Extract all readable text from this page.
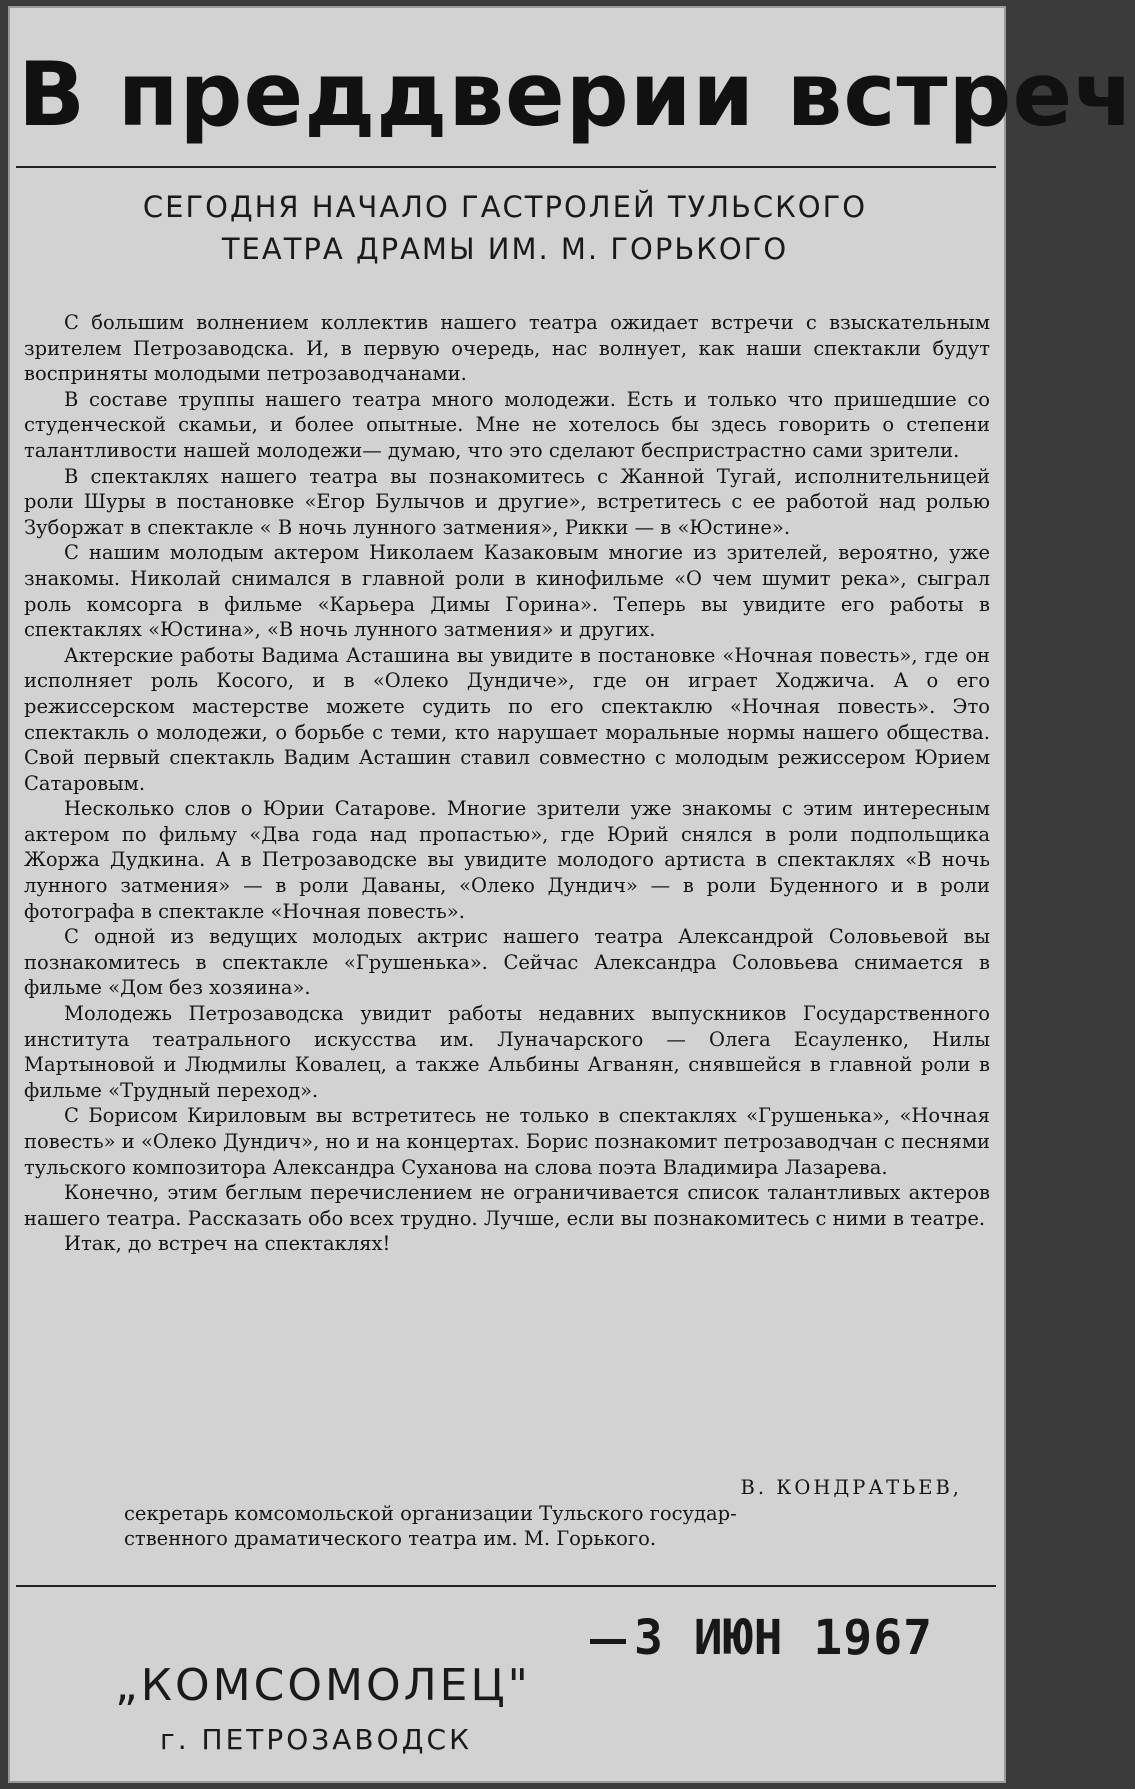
В преддверии встреч
СЕГОДНЯ НАЧАЛО ГАСТРОЛЕЙ ТУЛЬСКОГО
ТЕАТРА ДРАМЫ ИМ. М. ГОРЬКОГО

С большим волнением коллектив нашего театра ожидает встречи с взыскательным зрителем Петрозаводска. И, в первую очередь, нас волнует, как наши спектакли будут восприняты молодыми петрозаводчанами.

В составе труппы нашего театра много молодежи. Есть и только что пришедшие со студенческой скамьи, и более опытные. Мне не хотелось бы здесь говорить о степени талантливости нашей молодежи— думаю, что это сделают беспристрастно сами зрители.

В спектаклях нашего театра вы познакомитесь с Жанной Тугай, исполнительницей роли Шуры в постановке «Егор Булычов и другие», встретитесь с ее работой над ролью Зуборжат в спектакле « В ночь лунного затмения», Рикки — в «Юстине».

С нашим молодым актером Николаем Казаковым многие из зрителей, вероятно, уже знакомы. Николай снимался в главной роли в кинофильме «О чем шумит река», сыграл роль комсорга в фильме «Карьера Димы Горина». Теперь вы увидите его работы в спектаклях «Юстина», «В ночь лунного затмения» и других.

Актерские работы Вадима Асташина вы увидите в постановке «Ночная повесть», где он исполняет роль Косого, и в «Олеко Дундиче», где он играет Ходжича. А о его режиссерском мастерстве можете судить по его спектаклю «Ночная повесть». Это спектакль о молодежи, о борьбе с теми, кто нарушает моральные нормы нашего общества. Свой первый спектакль Вадим Асташин ставил совместно с молодым режиссером Юрием Сатаровым.

Несколько слов о Юрии Сатарове. Многие зрители уже знакомы с этим интересным актером по фильму «Два года над пропастью», где Юрий снялся в роли подпольщика Жоржа Дудкина. А в Петрозаводске вы увидите молодого артиста в спектаклях «В ночь лунного затмения» — в роли Даваны, «Олеко Дундич» — в роли Буденного и в роли фотографа в спектакле «Ночная повесть».

С одной из ведущих молодых актрис нашего театра Александрой Соловьевой вы познакомитесь в спектакле «Грушенька». Сейчас Александра Соловьева снимается в фильме «Дом без хозяина».

Молодежь Петрозаводска увидит работы недавних выпускников Государственного института театрального искусства им. Луначарского — Олега Есауленко, Нилы Мартыновой и Людмилы Ковалец, а также Альбины Агванян, снявшейся в главной роли в фильме «Трудный переход».

С Борисом Кириловым вы встретитесь не только в спектаклях «Грушенька», «Ночная повесть» и «Олеко Дундич», но и на концертах. Борис познакомит петрозаводчан с песнями тульского композитора Александра Суханова на слова поэта Владимира Лазарева.

Конечно, этим беглым перечислением не ограничивается список талантливых актеров нашего театра. Рассказать обо всех трудно. Лучше, если вы познакомитесь с ними в театре.

Итак, до встреч на спектаклях!

В. КОНДРАТЬЕВ,
секретарь комсомольской организации Тульского государ-
ственного драматического театра им. М. Горького.
3 ИЮН 1967
„КОМСОМОЛЕЦ"
г. ПЕТРОЗАВОДСК
